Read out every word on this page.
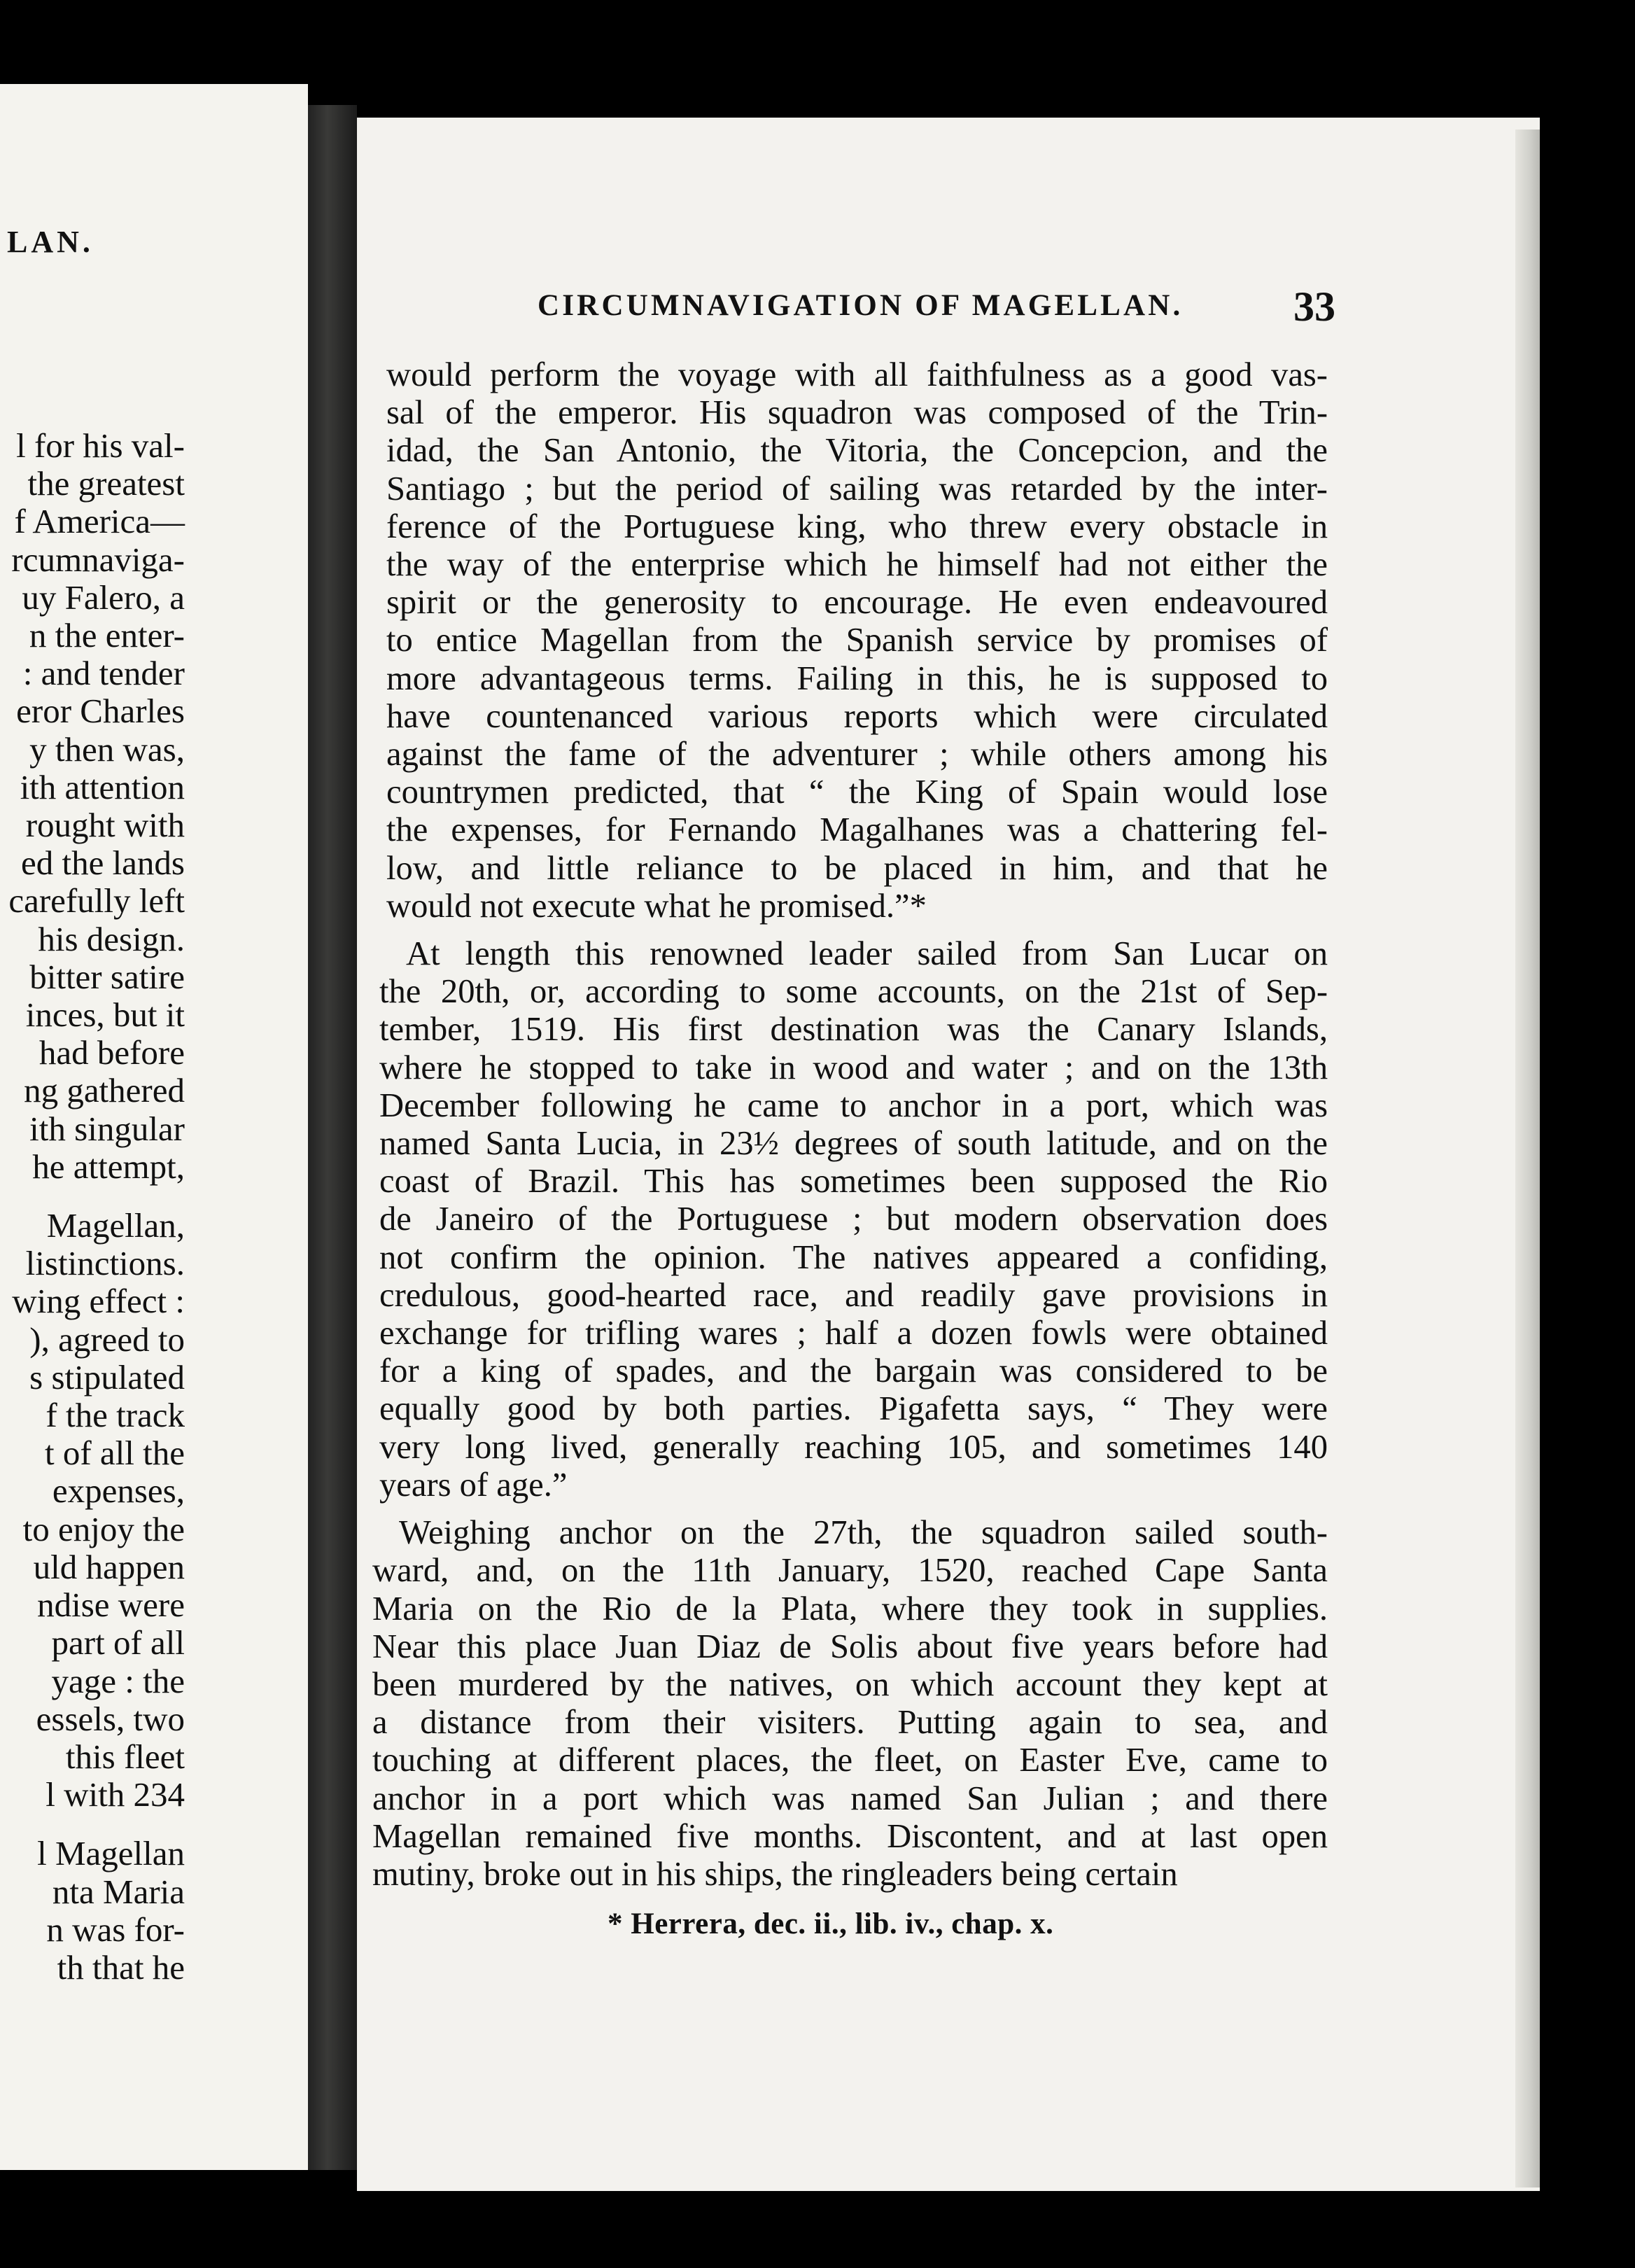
LAN.
l for his val-
the greatest
f America—
rcumnaviga-
uy Falero, a
n the enter-
: and tender
eror Charles
y then was,
ith attention
rought with
ed the lands
carefully left
his design.
bitter satire
inces, but it
had before
ng gathered
ith singular
he attempt,

Magellan,
listinctions.
wing effect :
), agreed to
s stipulated
f the track
t of all the
expenses,
to enjoy the
uld happen
ndise were
part of all
yage : the
essels, two
this fleet
l with 234

l Magellan
nta Maria
n was for-
th that he
CIRCUMNAVIGATION OF MAGELLAN.	33
would perform the voyage with all faithfulness as a good vas-
sal of the emperor. His squadron was composed of the Trin-
idad, the San Antonio, the Vitoria, the Concepcion, and the
Santiago ; but the period of sailing was retarded by the inter-
ference of the Portuguese king, who threw every obstacle in
the way of the enterprise which he himself had not either the
spirit or the generosity to encourage. He even endeavoured
to entice Magellan from the Spanish service by promises of
more advantageous terms. Failing in this, he is supposed to
have countenanced various reports which were circulated
against the fame of the adventurer ; while others among his
countrymen predicted, that “ the King of Spain would lose
the expenses, for Fernando Magalhanes was a chattering fel-
low, and little reliance to be placed in him, and that he
would not execute what he promised.”*
At length this renowned leader sailed from San Lucar on
the 20th, or, according to some accounts, on the 21st of Sep-
tember, 1519. His first destination was the Canary Islands,
where he stopped to take in wood and water ; and on the 13th
December following he came to anchor in a port, which was
named Santa Lucia, in 23½ degrees of south latitude, and on the
coast of Brazil. This has sometimes been supposed the Rio
de Janeiro of the Portuguese ; but modern observation does
not confirm the opinion. The natives appeared a confiding,
credulous, good-hearted race, and readily gave provisions in
exchange for trifling wares ; half a dozen fowls were obtained
for a king of spades, and the bargain was considered to be
equally good by both parties. Pigafetta says, “ They were
very long lived, generally reaching 105, and sometimes 140
years of age.”
Weighing anchor on the 27th, the squadron sailed south-
ward, and, on the 11th January, 1520, reached Cape Santa
Maria on the Rio de la Plata, where they took in supplies.
Near this place Juan Diaz de Solis about five years before had
been murdered by the natives, on which account they kept at
a distance from their visiters. Putting again to sea, and
touching at different places, the fleet, on Easter Eve, came to
anchor in a port which was named San Julian ; and there
Magellan remained five months. Discontent, and at last open
mutiny, broke out in his ships, the ringleaders being certain
* Herrera, dec. ii., lib. iv., chap. x.
